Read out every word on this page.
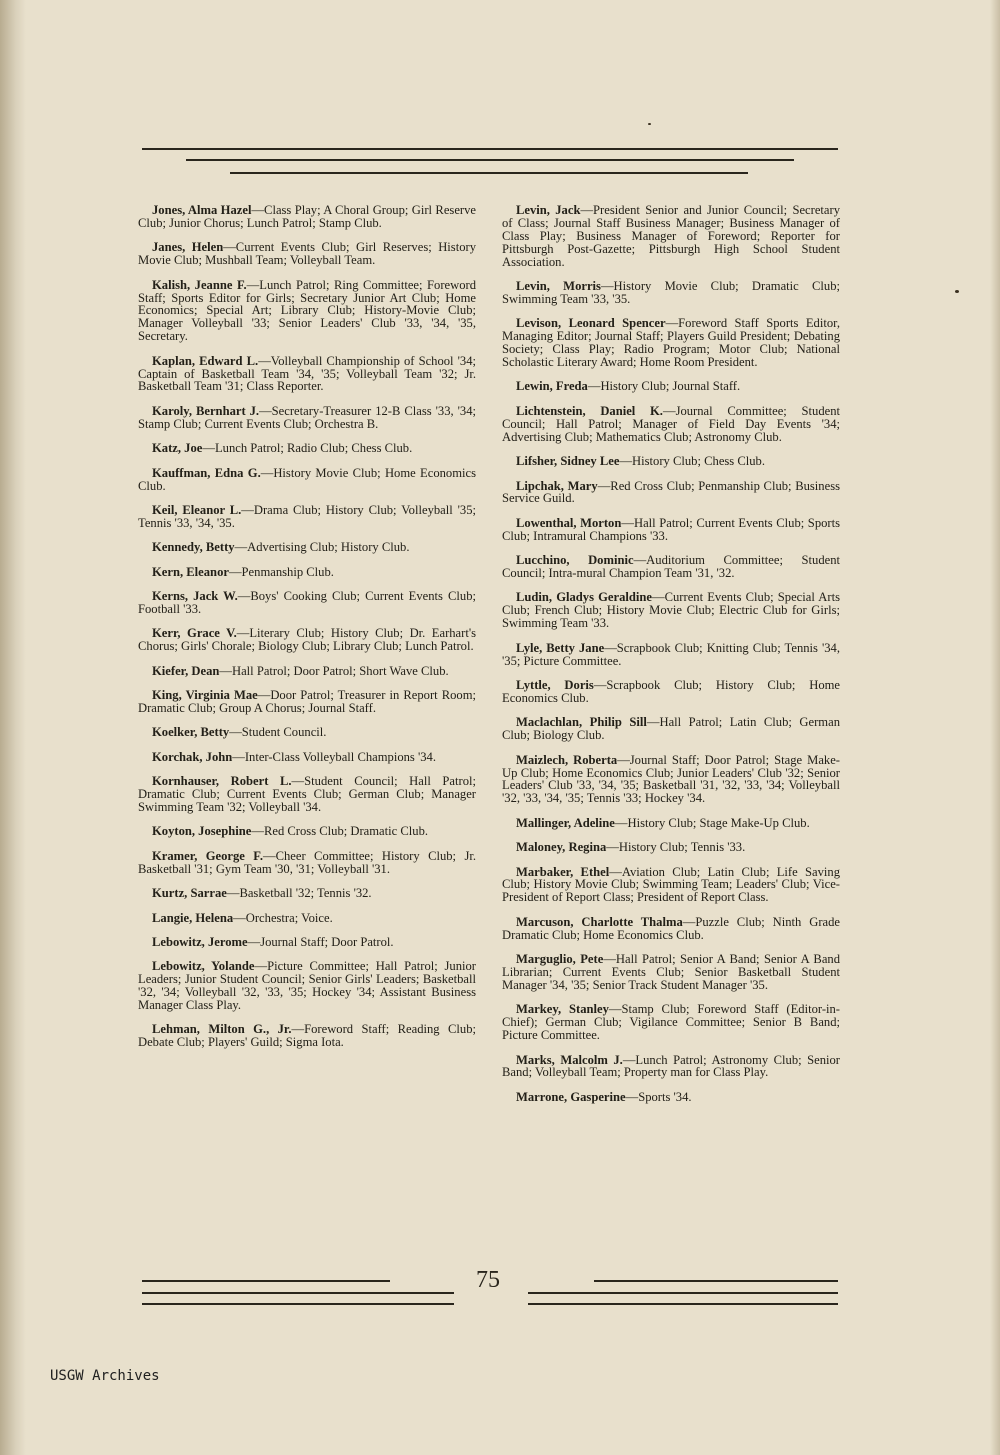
Jones, Alma Hazel—Class Play; A Choral Group; Girl Reserve Club; Junior Chorus; Lunch Patrol; Stamp Club.

Janes, Helen—Current Events Club; Girl Reserves; History Movie Club; Mushball Team; Volleyball Team.

Kalish, Jeanne F.—Lunch Patrol; Ring Committee; Foreword Staff; Sports Editor for Girls; Secretary Junior Art Club; Home Economics; Special Art; Library Club; History-Movie Club; Manager Volleyball '33; Senior Leaders' Club '33, '34, '35, Secretary.

Kaplan, Edward L.—Volleyball Championship of School '34; Captain of Basketball Team '34, '35; Volleyball Team '32; Jr. Basketball Team '31; Class Reporter.

Karoly, Bernhart J.—Secretary-Treasurer 12-B Class '33, '34; Stamp Club; Current Events Club; Orchestra B.

Katz, Joe—Lunch Patrol; Radio Club; Chess Club.

Kauffman, Edna G.—History Movie Club; Home Economics Club.

Keil, Eleanor L.—Drama Club; History Club; Volleyball '35; Tennis '33, '34, '35.

Kennedy, Betty—Advertising Club; History Club.

Kern, Eleanor—Penmanship Club.

Kerns, Jack W.—Boys' Cooking Club; Current Events Club; Football '33.

Kerr, Grace V.—Literary Club; History Club; Dr. Earhart's Chorus; Girls' Chorale; Biology Club; Library Club; Lunch Patrol.

Kiefer, Dean—Hall Patrol; Door Patrol; Short Wave Club.

King, Virginia Mae—Door Patrol; Treasurer in Report Room; Dramatic Club; Group A Chorus; Journal Staff.

Koelker, Betty—Student Council.

Korchak, John—Inter-Class Volleyball Champions '34.

Kornhauser, Robert L.—Student Council; Hall Patrol; Dramatic Club; Current Events Club; German Club; Manager Swimming Team '32; Volleyball '34.

Koyton, Josephine—Red Cross Club; Dramatic Club.

Kramer, George F.—Cheer Committee; History Club; Jr. Basketball '31; Gym Team '30, '31; Volleyball '31.

Kurtz, Sarrae—Basketball '32; Tennis '32.

Langie, Helena—Orchestra; Voice.

Lebowitz, Jerome—Journal Staff; Door Patrol.

Lebowitz, Yolande—Picture Committee; Hall Patrol; Junior Leaders; Junior Student Council; Senior Girls' Leaders; Basketball '32, '34; Volleyball '32, '33, '35; Hockey '34; Assistant Business Manager Class Play.

Lehman, Milton G., Jr.—Foreword Staff; Reading Club; Debate Club; Players' Guild; Sigma Iota.

Levin, Jack—President Senior and Junior Council; Secretary of Class; Journal Staff Business Manager; Business Manager of Class Play; Business Manager of Foreword; Reporter for Pittsburgh Post-Gazette; Pittsburgh High School Student Association.

Levin, Morris—History Movie Club; Dramatic Club; Swimming Team '33, '35.

Levison, Leonard Spencer—Foreword Staff Sports Editor, Managing Editor; Journal Staff; Players Guild President; Debating Society; Class Play; Radio Program; Motor Club; National Scholastic Literary Award; Home Room President.

Lewin, Freda—History Club; Journal Staff.

Lichtenstein, Daniel K.—Journal Committee; Student Council; Hall Patrol; Manager of Field Day Events '34; Advertising Club; Mathematics Club; Astronomy Club.

Lifsher, Sidney Lee—History Club; Chess Club.

Lipchak, Mary—Red Cross Club; Penmanship Club; Business Service Guild.

Lowenthal, Morton—Hall Patrol; Current Events Club; Sports Club; Intramural Champions '33.

Lucchino, Dominic—Auditorium Committee; Student Council; Intra-mural Champion Team '31, '32.

Ludin, Gladys Geraldine—Current Events Club; Special Arts Club; French Club; History Movie Club; Electric Club for Girls; Swimming Team '33.

Lyle, Betty Jane—Scrapbook Club; Knitting Club; Tennis '34, '35; Picture Committee.

Lyttle, Doris—Scrapbook Club; History Club; Home Economics Club.

Maclachlan, Philip Sill—Hall Patrol; Latin Club; German Club; Biology Club.

Maizlech, Roberta—Journal Staff; Door Patrol; Stage Make-Up Club; Home Economics Club; Junior Leaders' Club '32; Senior Leaders' Club '33, '34, '35; Basketball '31, '32, '33, '34; Volleyball '32, '33, '34, '35; Tennis '33; Hockey '34.

Mallinger, Adeline—History Club; Stage Make-Up Club.

Maloney, Regina—History Club; Tennis '33.

Marbaker, Ethel—Aviation Club; Latin Club; Life Saving Club; History Movie Club; Swimming Team; Leaders' Club; Vice-President of Report Class; President of Report Class.

Marcuson, Charlotte Thalma—Puzzle Club; Ninth Grade Dramatic Club; Home Economics Club.

Marguglio, Pete—Hall Patrol; Senior A Band; Senior A Band Librarian; Current Events Club; Senior Basketball Student Manager '34, '35; Senior Track Student Manager '35.

Markey, Stanley—Stamp Club; Foreword Staff (Editor-in-Chief); German Club; Vigilance Committee; Senior B Band; Picture Committee.

Marks, Malcolm J.—Lunch Patrol; Astronomy Club; Senior Band; Volleyball Team; Property man for Class Play.

Marrone, Gasperine—Sports '34.

75
USGW Archives
